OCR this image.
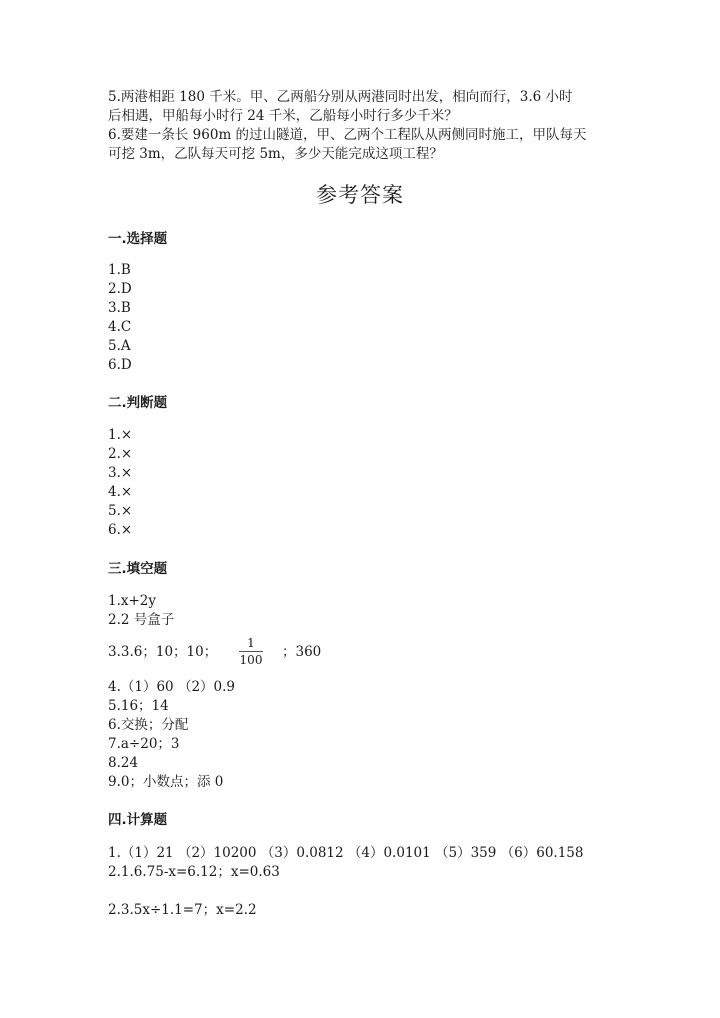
5.两港相距 180 千米。甲、乙两船分别从两港同时出发，相向而行，3.6 小时
后相遇，甲船每小时行 24 千米，乙船每小时行多少千米？
6.要建一条长 960m 的过山隧道，甲、乙两个工程队从两侧同时施工，甲队每天
可挖 3m，乙队每天可挖 5m，多少天能完成这项工程？
参考答案
一.选择题
1.B
2.D
3.B
4.C
5.A
6.D
二.判断题
1.×
2.×
3.×
4.×
5.×
6.×
三.填空题
1.x+2y
2.2 号盒子
3.3.6；10；10；
1
100 ；360
4.（1）60 （2）0.9
5.16；14
6.交换；分配
7.a÷20；3
8.24
9.0；小数点；添 0
四.计算题
1.（1）21 （2）10200 （3）0.0812 （4）0.0101 （5）359 （6）60.158
2.1.6.75-x=6.12；x=0.63
2.3.5x÷1.1=7；x=2.2
